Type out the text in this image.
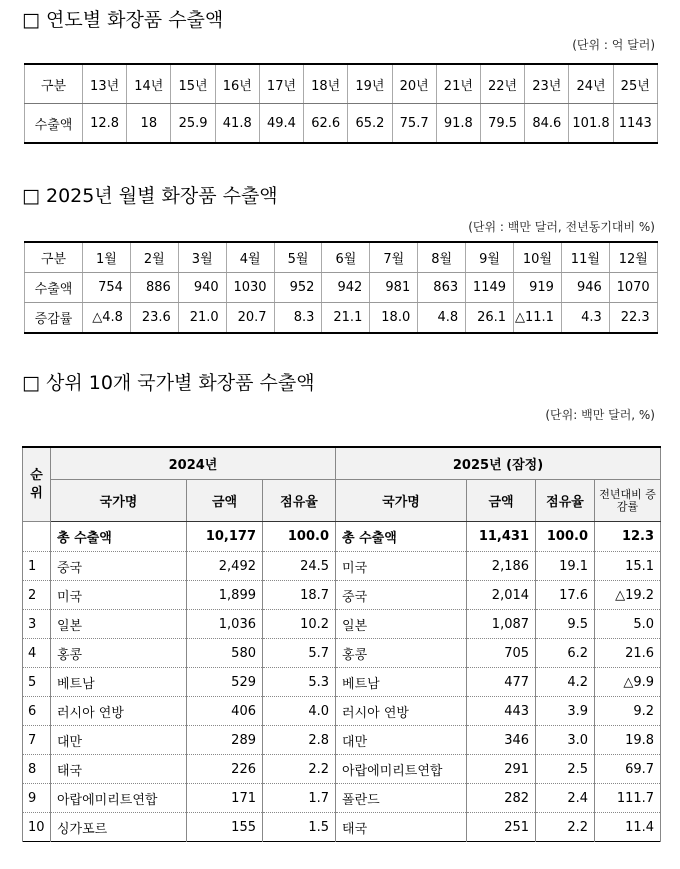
□ 연도별 화장품 수출액
(단위 : 억 달러)
구분	13년	14년	15년	16년	17년	18년	19년	20년	21년	22년	23년	24년	25년
수출액	12.8	18	25.9	41.8	49.4	62.6	65.2	75.7	91.8	79.5	84.6	101.8	1143
□ 2025년 월별 화장품 수출액
(단위 : 백만 달러, 전년동기대비 %)
구분	1월	2월	3월	4월	5월	6월	7월	8월	9월	10월	11월	12월
수출액	754	886	940	1030	952	942	981	863	1149	919	946	1070
증감률	△4.8	23.6	21.0	20.7	8.3	21.1	18.0	4.8	26.1	△11.1	4.3	22.3
□ 상위 10개 국가별 화장품 수출액
(단위: 백만 달러, %)
순위	2024년			2025년 (잠정)			
	국가명	금액	점유율	국가명	금액	점유율	전년대비 증감률
	총 수출액	10,177	100.0	총 수출액	11,431	100.0	12.3
1	중국	2,492	24.5	미국	2,186	19.1	15.1
2	미국	1,899	18.7	중국	2,014	17.6	△19.2
3	일본	1,036	10.2	일본	1,087	9.5	5.0
4	홍콩	580	5.7	홍콩	705	6.2	21.6
5	베트남	529	5.3	베트남	477	4.2	△9.9
6	러시아 연방	406	4.0	러시아 연방	443	3.9	9.2
7	대만	289	2.8	대만	346	3.0	19.8
8	태국	226	2.2	아랍에미리트연합	291	2.5	69.7
9	아랍에미리트연합	171	1.7	폴란드	282	2.4	111.7
10	싱가포르	155	1.5	태국	251	2.2	11.4
